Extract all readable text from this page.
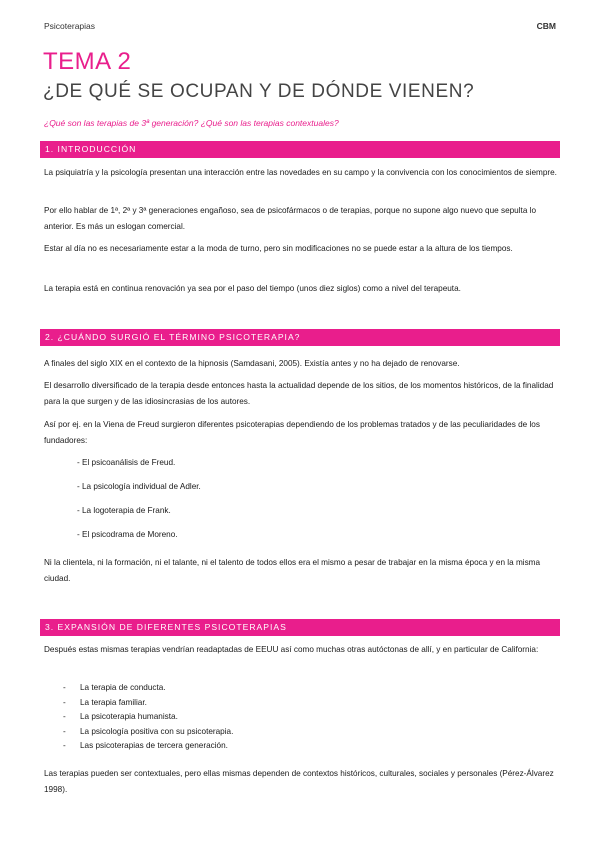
Psicoterapias	CBM
TEMA 2
¿DE QUÉ SE OCUPAN Y DE DÓNDE VIENEN?
¿Qué son las terapias de 3ª generación? ¿Qué son las terapias contextuales?
1. INTRODUCCIÓN
La psiquiatría y la psicología presentan una interacción entre las novedades en su campo y la convivencia con los conocimientos de siempre.
Por ello hablar de 1ª, 2ª y 3ª generaciones engañoso, sea de psicofármacos o de terapias, porque no supone algo nuevo que sepulta lo anterior. Es más un eslogan comercial.
Estar al día no es necesariamente estar a la moda de turno, pero sin modificaciones no se puede estar a la altura de los tiempos.
La terapia está en continua renovación ya sea por el paso del tiempo (unos diez siglos) como a nivel del terapeuta.
2. ¿CUÁNDO SURGIÓ EL TÉRMINO PSICOTERAPIA?
A finales del siglo XIX en el contexto de la hipnosis (Samdasani, 2005). Existía antes y no ha dejado de renovarse.
El desarrollo diversificado de la terapia desde entonces hasta la actualidad depende de los sitios, de los momentos históricos, de la finalidad para la que surgen y de las idiosincrasias de los autores.
Así por ej. en la Viena de Freud surgieron diferentes psicoterapias dependiendo de los problemas tratados y de las peculiaridades de los fundadores:
- El psicoanálisis de Freud.
- La psicología individual de Adler.
- La logoterapia de Frank.
- El psicodrama de Moreno.
Ni la clientela, ni la formación, ni el talante, ni el talento de todos ellos era el mismo a pesar de trabajar en la misma época y en la misma ciudad.
3. EXPANSIÓN DE DIFERENTES PSICOTERAPIAS
Después estas mismas terapias vendrían readaptadas de EEUU así como muchas otras autóctonas de allí, y en particular de California:
- La terapia de conducta.
- La terapia familiar.
- La psicoterapia humanista.
- La psicología positiva con su psicoterapia.
- Las psicoterapias de tercera generación.
Las terapias pueden ser contextuales, pero ellas mismas dependen de contextos históricos, culturales, sociales y personales (Pérez-Álvarez 1998).
